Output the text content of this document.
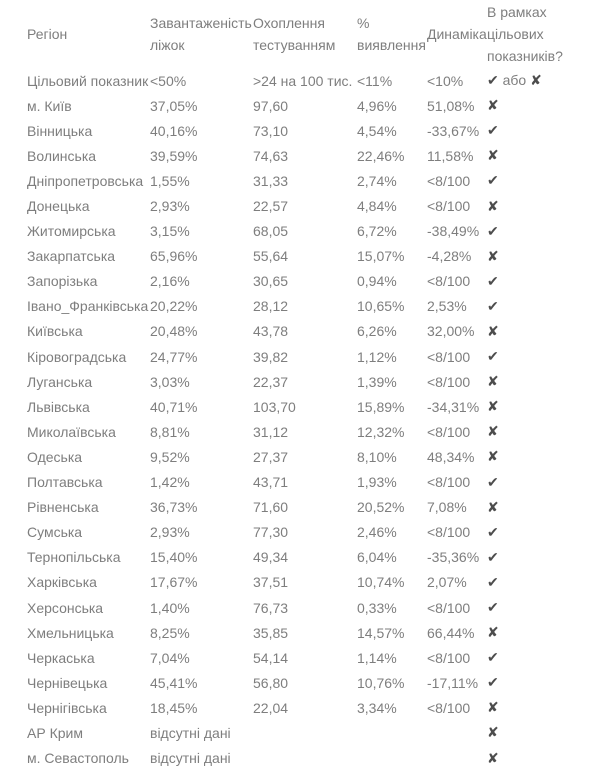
Регіон	Завантаженість ліжок	Охоплення тестуванням	% виявлення	Динаміка	В рамках цільових показників?
Цільовий показник	<50%	>24 на 100 тис.	<11%	<10%	✔ або ✘
м. Київ	37,05%	97,60	4,96%	51,08%	✘
Вінницька	40,16%	73,10	4,54%	-33,67%	✔
Волинська	39,59%	74,63	22,46%	11,58%	✘
Дніпропетровська	1,55%	31,33	2,74%	<8/100	✔
Донецька	2,93%	22,57	4,84%	<8/100	✘
Житомирська	3,15%	68,05	6,72%	-38,49%	✔
Закарпатська	65,96%	55,64	15,07%	-4,28%	✘
Запорізька	2,16%	30,65	0,94%	<8/100	✔
Івано_Франківська	20,22%	28,12	10,65%	2,53%	✔
Київська	20,48%	43,78	6,26%	32,00%	✘
Кіровоградська	24,77%	39,82	1,12%	<8/100	✔
Луганська	3,03%	22,37	1,39%	<8/100	✘
Львівська	40,71%	103,70	15,89%	-34,31%	✘
Миколаївська	8,81%	31,12	12,32%	<8/100	✘
Одеська	9,52%	27,37	8,10%	48,34%	✘
Полтавська	1,42%	43,71	1,93%	<8/100	✔
Рівненська	36,73%	71,60	20,52%	7,08%	✘
Сумська	2,93%	77,30	2,46%	<8/100	✔
Тернопільська	15,40%	49,34	6,04%	-35,36%	✔
Харківська	17,67%	37,51	10,74%	2,07%	✔
Херсонська	1,40%	76,73	0,33%	<8/100	✔
Хмельницька	8,25%	35,85	14,57%	66,44%	✘
Черкаська	7,04%	54,14	1,14%	<8/100	✔
Чернівецька	45,41%	56,80	10,76%	-17,11%	✔
Чернігівська	18,45%	22,04	3,34%	<8/100	✘
АР Крим	відсутні дані				✘
м. Севастополь	відсутні дані				✘
